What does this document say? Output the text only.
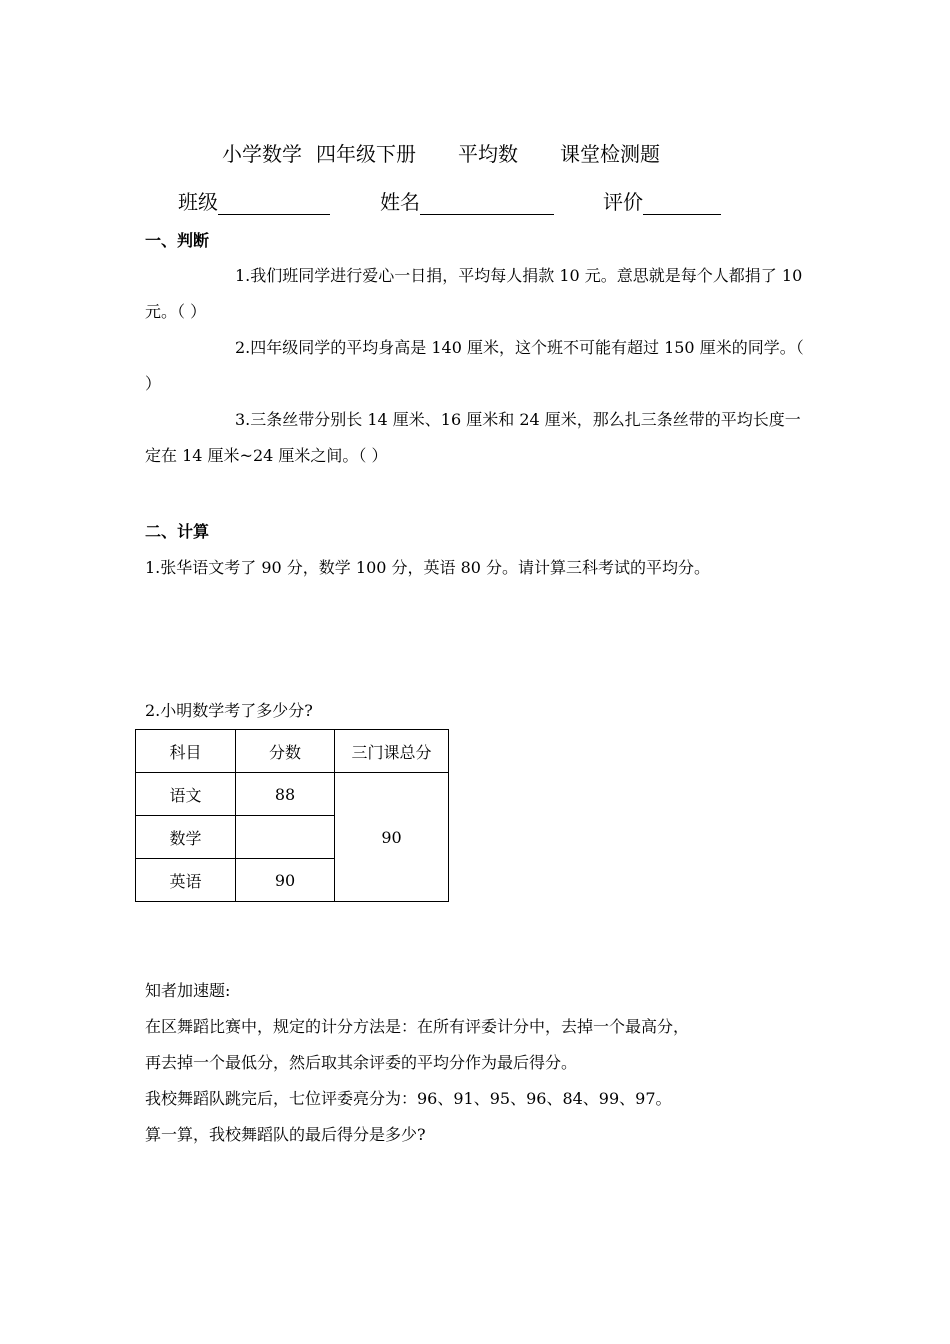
小学数学 四年级下册 平均数 课堂检测题
班级	姓名	评价
一、判断
1.我们班同学进行爱心一日捐，平均每人捐款 10 元。意思就是每个人都捐了 10 元。（ ）
2.四年级同学的平均身高是 140 厘米，这个班不可能有超过 150 厘米的同学。（ ）
3.三条丝带分别长 14 厘米、16 厘米和 24 厘米，那么扎三条丝带的平均长度一定在 14 厘米~24 厘米之间。（ ）
二、计算
1.张华语文考了 90 分，数学 100 分，英语 80 分。请计算三科考试的平均分。
2.小明数学考了多少分?
科目	分数	三门课总分
语文	88	90
数学		
英语	90	
知者加速题:
在区舞蹈比赛中，规定的计分方法是：在所有评委计分中，去掉一个最高分，
再去掉一个最低分，然后取其余评委的平均分作为最后得分。
我校舞蹈队跳完后，七位评委亮分为：96、91、95、96、84、99、97。
算一算，我校舞蹈队的最后得分是多少?
